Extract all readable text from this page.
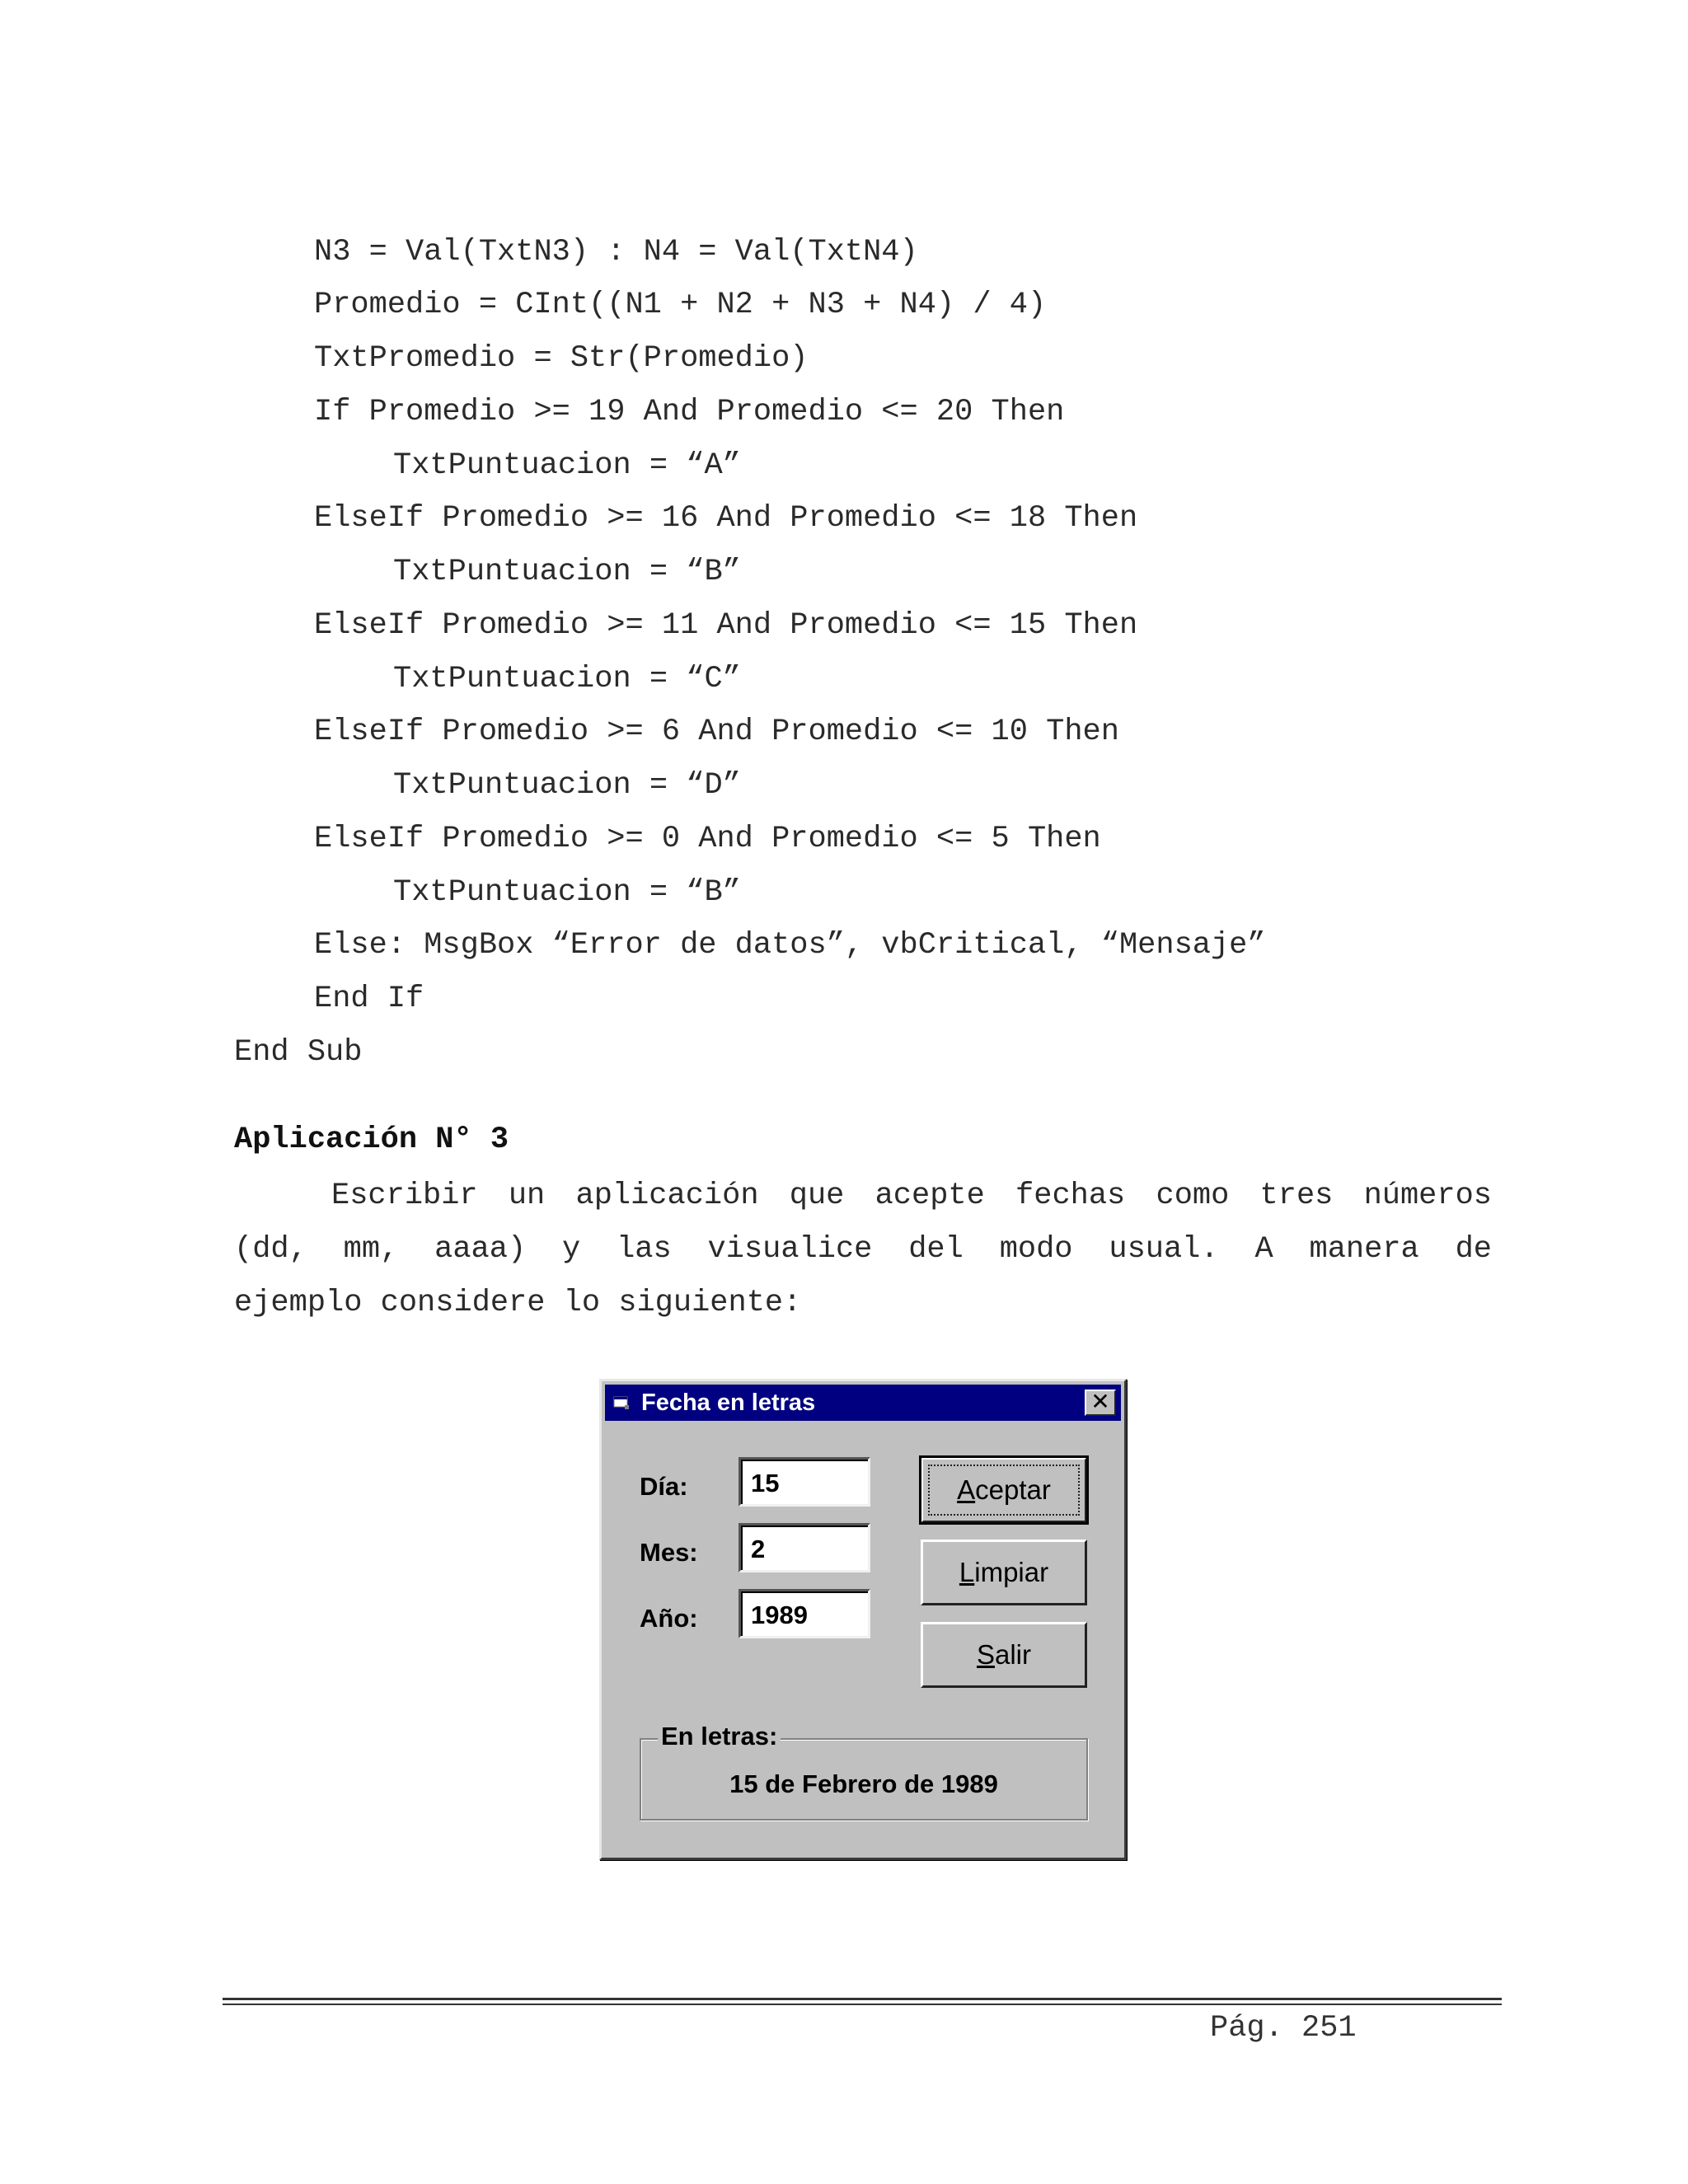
N3 = Val(TxtN3) : N4 = Val(TxtN4)
Promedio = CInt((N1 + N2 + N3 + N4) / 4)
TxtPromedio = Str(Promedio)
If Promedio >= 19 And Promedio <= 20 Then
TxtPuntuacion = “A”
ElseIf Promedio >= 16 And Promedio <= 18 Then
TxtPuntuacion = “B”
ElseIf Promedio >= 11 And Promedio <= 15 Then
TxtPuntuacion = “C”
ElseIf Promedio >= 6 And Promedio <= 10 Then
TxtPuntuacion = “D”
ElseIf Promedio >= 0 And Promedio <= 5 Then
TxtPuntuacion = “B”
Else: MsgBox “Error de datos”, vbCritical, “Mensaje”
End If
End Sub
Aplicación N° 3
Escribir un aplicación que acepte fechas como tres números
(dd, mm, aaaa) y las visualice del modo usual. A manera de
ejemplo considere lo siguiente:
Fecha en letras	✕
Día:
Mes:
Año:
15
2
1989
Aceptar
Limpiar
Salir
En letras:
15 de Febrero de 1989
Pág. 251
